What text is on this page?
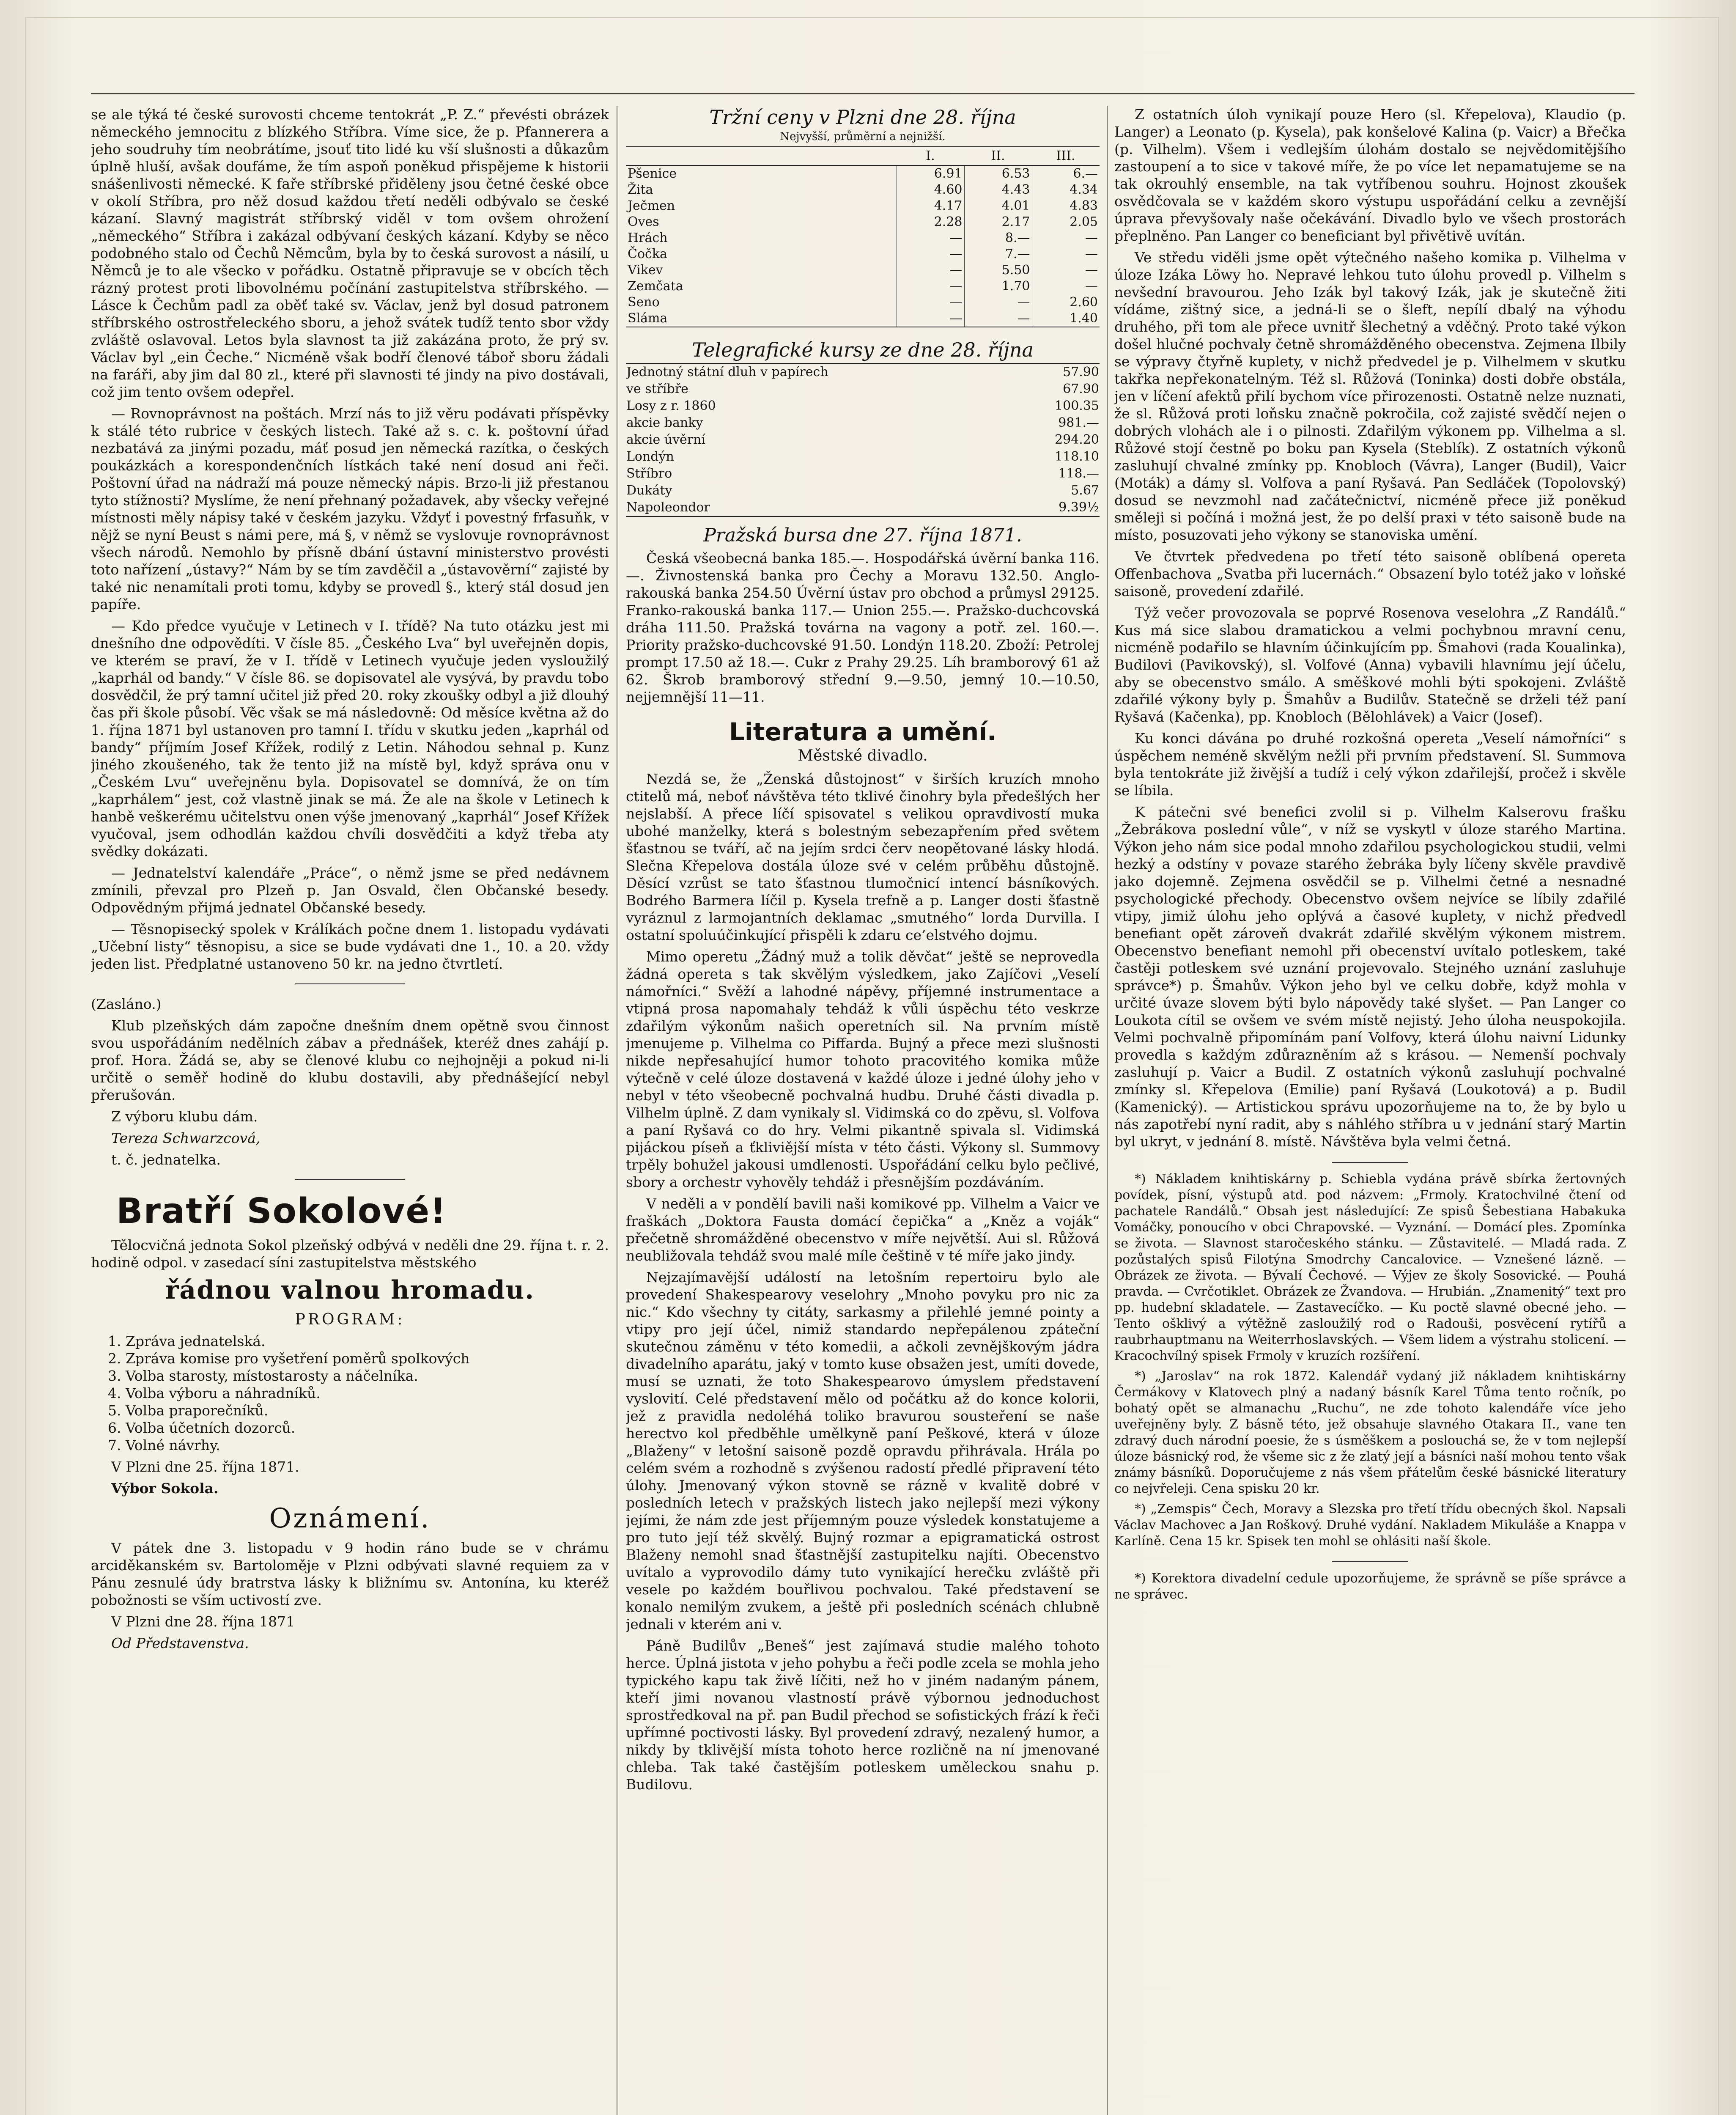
se ale týká té české surovosti chceme tentokrát „P. Z.“ převésti obrázek německého jemnocitu z blízkého Stříbra. Víme sice, že p. Pfannerera a jeho soudruhy tím neobrátíme, jsouť tito lidé ku vší slušnosti a důkazům úplně hluší, avšak doufáme, že tím aspoň poněkud přispějeme k historii snášenlivosti německé. K faře stříbrské přiděleny jsou četné české obce v okolí Stříbra, pro něž dosud každou třetí neděli odbývalo se české kázaní. Slavný magistrát stříbrský viděl v tom ovšem ohrožení „německého“ Stříbra i zakázal odbývaní českých kázaní. Kdyby se něco podobného stalo od Čechů Němcům, byla by to česká surovost a násilí, u Němců je to ale všecko v pořádku. Ostatně připravuje se v obcích těch rázný protest proti libovolnému počínání zastupitelstva stříbrského. — Lásce k Čechům padl za oběť také sv. Václav, jenž byl dosud patronem stříbrského ostrostřeleckého sboru, a jehož svátek tudíž tento sbor vždy zvláště oslavoval. Letos byla slavnost ta již zakázána proto, že prý sv. Václav byl „ein Čeche.“ Nicméně však bodří členové táboř sboru žádali na faráři, aby jim dal 80 zl., které při slavnosti té jindy na pivo dostávali, což jim tento ovšem odepřel.

— Rovnoprávnost na poštách. Mrzí nás to již věru podávati příspěvky k stálé této rubrice v českých listech. Také až s. c. k. poštovní úřad nezbatává za jinými pozadu, máť posud jen německá razítka, o českých poukázkách a korespondenčních lístkách také není dosud ani řeči. Poštovní úřad na nádraží má pouze německý nápis. Brzo-li již přestanou tyto stížnosti? Myslíme, že není přehnaný požadavek, aby všecky veřejné místnosti měly nápisy také v českém jazyku. Vždyť i povestný frfasuňk, v nějž se nyní Beust s námi pere, má §, v němž se vyslovuje rovnoprávnost všech národů. Nemohlo by přísně dbání ústavní ministerstvo provésti toto nařízení „ústavy?“ Nám by se tím zavděčil a „ústavověrní“ zajisté by také nic nenamítali proti tomu, kdyby se provedl §., který stál dosud jen papíře.

— Kdo předce vyučuje v Letinech v I. třídě? Na tuto otázku jest mi dnešního dne odpovědíti. V čísle 85. „Českého Lva“ byl uveřejněn dopis, ve kterém se praví, že v I. třídě v Letinech vyučuje jeden vysloužilý „kaprhál od bandy.“ V čísle 86. se dopisovatel ale vysývá, by pravdu tobo dosvědčil, že prý tamní učitel již před 20. roky zkoušky odbyl a již dlouhý čas při škole působí. Věc však se má následovně: Od měsíce května až do 1. října 1871 byl ustanoven pro tamní I. třídu v skutku jeden „kaprhál od bandy“ příjmím Josef Křížek, rodilý z Letin. Náhodou sehnal p. Kunz jiného zkoušeného, tak že tento již na místě byl, když správa onu v „Českém Lvu“ uveřejněnu byla. Dopisovatel se domnívá, že on tím „kaprhálem“ jest, což vlastně jinak se má. Že ale na škole v Letinech k hanbě veškerému učitelstvu onen výše jmenovaný „kaprhál“ Josef Křížek vyučoval, jsem odhodlán každou chvíli dosvědčiti a když třeba aty svědky dokázati.

— Jednatelství kalendáře „Práce“, o němž jsme se před nedávnem zmínili, převzal pro Plzeň p. Jan Osvald, člen Občanské besedy. Odpovědným přijmá jednatel Občanské besedy.

— Těsnopisecký spolek v Králíkách počne dnem 1. listopadu vydávati „Učební listy“ těsnopisu, a sice se bude vydávati dne 1., 10. a 20. vždy jeden list. Předplatné ustanoveno 50 kr. na jedno čtvrtletí.

(Zasláno.)

Klub plzeňských dám započne dnešním dnem opětně svou činnost svou uspořádáním nedělních zábav a přednášek, kteréž dnes zahájí p. prof. Hora. Žádá se, aby se členové klubu co nejhojněji a pokud ni-li určitě o seměř hodině do klubu dostavili, aby přednášející nebyl přerušován.

Z výboru klubu dám.

Tereza Schwarzcová,

t. č. jednatelka.

Bratří Sokolové!

Tělocvičná jednota Sokol plzeňský odbývá v neděli dne 29. října t. r. 2. hodině odpol. v zasedací síni zastupitelstva městského

řádnou valnou hromadu.
PROGRAM:
1. Zpráva jednatelská.
2. Zpráva komise pro vyšetření poměrů spolkových
3. Volba starosty, místostarosty a náčelníka.
4. Volba výboru a náhradníků.
5. Volba praporečníků.
6. Volba účetních dozorců.
7. Volné návrhy.

V Plzni dne 25. října 1871.

Výbor Sokola.

Oznámení.

V pátek dne 3. listopadu v 9 hodin ráno bude se v chrámu arciděkanském sv. Bartoloměje v Plzni odbývati slavné requiem za v Pánu zesnulé údy bratrstva lásky k bližnímu sv. Antonína, ku kteréž pobožnosti se vším uctivostí zve.

V Plzni dne 28. října 1871

Od Představenstva.

Tržní ceny v Plzni dne 28. října
Nejvyšší, průměrní a nejnižší.
	I.	II.	III.
Pšenice	6.91	6.53	6.—
Žita	4.60	4.43	4.34
Ječmen	4.17	4.01	4.83
Oves	2.28	2.17	2.05
Hrách	—	8.—	—
Čočka	—	7.—	—
Vikev	—	5.50	—
Zemčata	—	1.70	—
Seno	—	—	2.60
Sláma	—	—	1.40
Telegrafické kursy ze dne 28. října
Jednotný státní dluh v papírech	57.90
ve stříbře	67.90
Losy z r. 1860	100.35
akcie banky	981.—
akcie úvěrní	294.20
Londýn	118.10
Stříbro	118.—
Dukáty	5.67
Napoleondor	9.39½
Pražská bursa dne 27. října 1871.

Česká všeobecná banka 185.—. Hospodářská úvěrní banka 116.—. Živnostenská banka pro Čechy a Moravu 132.50. Anglo-rakouská banka 254.50 Úvěrní ústav pro obchod a průmysl 29125. Franko-rakouská banka 117.— Union 255.—. Pražsko-duchcovská dráha 111.50. Pražská továrna na vagony a potř. zel. 160.—. Priority pražsko-duchcovské 91.50. Londýn 118.20. Zboží: Petrolej prompt 17.50 až 18.—. Cukr z Prahy 29.25. Líh bramborový 61 až 62. Škrob bramborový střední 9.—9.50, jemný 10.—10.50, nejjemnější 11—11.

Literatura a umění.
Městské divadlo.

Nezdá se, že „Ženská důstojnost“ v širších kruzích mnoho ctitelů má, neboť návštěva této tklivé činohry byla předešlých her nejslabší. A přece líčí spisovatel s velikou opravdivostí muka ubohé manželky, která s bolestným sebezapřením před světem šťastnou se tváří, ač na jejím srdci červ neopětované lásky hlodá. Slečna Křepelova dostála úloze své v celém průběhu důstojně. Děsící vzrůst se tato šťastnou tlumočnicí intencí básníkových. Bodrého Barmera líčil p. Kysela trefně a p. Langer dosti šťastně vyráznul z larmojantních deklamac „smutného“ lorda Durvilla. I ostatní spoluúčinkující přispěli k zdaru ce’elstvého dojmu.

Mimo operetu „Žádný muž a tolik děvčat“ ještě se neprovedla žádná opereta s tak skvělým výsledkem, jako Zajíčovi „Veselí námořníci.“ Svěží a lahodné nápěvy, příjemné instrumentace a vtipná prosa napomahaly tehdáž k vůli úspěchu této veskrze zdařilým výkonům našich operetních sil. Na prvním místě jmenujeme p. Vilhelma co Piffarda. Bujný a přece mezi slušnosti nikde nepřesahující humor tohoto pracovitého komika může výtečně v celé úloze dostavená v každé úloze i jedné úlohy jeho v nebyl v této všeobecně pochvalná hudbu. Druhé části divadla p. Vilhelm úplně. Z dam vynikaly sl. Vidimská co do zpěvu, sl. Volfova a paní Ryšavá co do hry. Velmi pikantně spivala sl. Vidimská pijáckou píseň a ťkliviější místa v této části. Výkony sl. Summovy trpěly bohužel jakousi umdlenosti. Uspořádání celku bylo pečlivé, sbory a orchestr vyhověly tehdáž i přesnějším pozdáváním.

V neděli a v pondělí bavili naši komikové pp. Vilhelm a Vaicr ve fraškách „Doktora Fausta domácí čepička“ a „Kněz a voják“ přečetně shromážděné obecenstvo v míře největší. Aui sl. Růžová neubližovala tehdáž svou malé míle češtině v té míře jako jindy.

Nejzajímavější událostí na letošním repertoiru bylo ale provedení Shakespearovy veselohry „Mnoho povyku pro nic za nic.“ Kdo všechny ty citáty, sarkasmy a přilehlé jemné pointy a vtipy pro její účel, nimiž standardo nepřepálenou zpáteční skutečnou záměnu v této komedii, a ačkoli zevnějškovým jádra divadelního aparátu, jaký v tomto kuse obsažen jest, umíti dovede, musí se uznati, že toto Shakespearovo úmyslem představení vyslovití. Celé představení mělo od počátku až do konce kolorii, jež z pravidla nedoléhá toliko bravurou sousteření se naše herectvo kol předběhle umělkyně paní Peškové, která v úloze „Blaženy“ v letošní saisoně pozdě opravdu přihrávala. Hrála po celém svém a rozhodně s zvýšenou radostí předlé připravení této úlohy. Jmenovaný výkon stovně se rázně v kvalitě dobré v posledních letech v pražských listech jako nejlepší mezi výkony jejími, že nám zde jest příjemným pouze výsledek konstatujeme a pro tuto její též skvělý. Bujný rozmar a epigramatická ostrost Blaženy nemohl snad šťastnější zastupitelku najíti. Obecenstvo uvítalo a vyprovodilo dámy tuto vynikající herečku zvláště při vesele po každém bouřlivou pochvalou. Také představení se konalo nemilým zvukem, a ještě při posledních scénách chlubně jednali v kterém ani v.

Páně Budilův „Beneš“ jest zajímavá studie malého tohoto herce. Úplná jistota v jeho pohybu a řeči podle zcela se mohla jeho typického kapu tak živě líčiti, než ho v jiném nadaným pánem, kteří jimi novanou vlastností právě výbornou jednoduchost sprostředkoval na př. pan Budil přechod se sofistických frází k řeči upřímné poctivosti lásky. Byl provedení zdravý, nezalený humor, a nikdy by tklivější místa tohoto herce rozličně na ní jmenované chleba. Tak také častějším potleskem uměleckou snahu p. Budilovu.

Z ostatních úloh vynikají pouze Hero (sl. Křepelova), Klaudio (p. Langer) a Leonato (p. Kysela), pak konšelové Kalina (p. Vaicr) a Břečka (p. Vilhelm). Všem i vedlejším úlohám dostalo se nejvědomitějšího zastoupení a to sice v takové míře, že po více let nepamatujeme se na tak okrouhlý ensemble, na tak vytříbenou souhru. Hojnost zkoušek osvědčovala se v každém skoro výstupu uspořádání celku a zevnější úprava převyšovaly naše očekávání. Divadlo bylo ve všech prostorách přeplněno. Pan Langer co beneficiant byl přivětivě uvítán.

Ve středu viděli jsme opět výtečného našeho komika p. Vilhelma v úloze Izáka Löwy ho. Nepravé lehkou tuto úlohu provedl p. Vilhelm s nevšední bravourou. Jeho Izák byl takový Izák, jak je skutečně žiti vídáme, zištný sice, a jedná-li se o šleft, nepílí dbalý na výhodu druhého, při tom ale přece uvnitř šlechetný a vděčný. Proto také výkon došel hlučné pochvaly četně shromážděného obecenstva. Zejmena Ilbily se výpravy čtyřně kuplety, v nichž předvedel je p. Vilhelmem v skutku takřka nepřekonatelným. Též sl. Růžová (Toninka) dosti dobře obstála, jen v líčení afektů přilí bychom více přirozenosti. Ostatně nelze nuznati, že sl. Růžová proti loňsku značně pokročila, což zajisté svědčí nejen o dobrých vlohách ale i o pilnosti. Zdařilým výkonem pp. Vilhelma a sl. Růžové stojí čestně po boku pan Kysela (Steblík). Z ostatních výkonů zasluhují chvalné zmínky pp. Knobloch (Vávra), Langer (Budil), Vaicr (Moták) a dámy sl. Volfova a paní Ryšavá. Pan Sedláček (Topolovský) dosud se nevzmohl nad začátečnictví, nicméně přece již poněkud směleji si počíná i možná jest, že po delší praxi v této saisoně bude na místo, posuzovati jeho výkony se stanoviska umění.

Ve čtvrtek předvedena po třetí této saisoně oblíbená opereta Offenbachova „Svatba při lucernách.“ Obsazení bylo totéž jako v loňské saisoně, provedení zdařilé.

Týž večer provozovala se poprvé Rosenova veselohra „Z Randálů.“ Kus má sice slabou dramatickou a velmi pochybnou mravní cenu, nicméně podařilo se hlavním účinkujícím pp. Šmahovi (rada Koualinka), Budilovi (Pavikovský), sl. Volfové (Anna) vybavili hlavnímu její účelu, aby se obecenstvo smálo. A směškové mohli býti spokojeni. Zvláště zdařilé výkony byly p. Šmahův a Budilův. Statečně se drželi též paní Ryšavá (Kačenka), pp. Knobloch (Bělohlávek) a Vaicr (Josef).

Ku konci dávána po druhé rozkošná opereta „Veselí námořníci“ s úspěchem neméně skvělým nežli při prvním představení. Sl. Summova byla tentokráte již živější a tudíž i celý výkon zdařilejší, pročež i skvěle se líbila.

K pátečni své benefici zvolil si p. Vilhelm Kalserovu frašku „Žebrákova poslední vůle“, v níž se vyskytl v úloze starého Martina. Výkon jeho nám sice podal mnoho zdařilou psychologickou studii, velmi hezký a odstíny v povaze starého žebráka byly líčeny skvěle pravdivě jako dojemně. Zejmena osvědčil se p. Vilhelmi četné a nesnadné psychologické přechody. Obecenstvo ovšem nejvíce se líbily zdařilé vtipy, jimiž úlohu jeho oplývá a časové kuplety, v nichž předvedl benefiant opět zároveň dvakrát zdařilé skvělým výkonem mistrem. Obecenstvo benefiant nemohl při obecenství uvítalo potleskem, také častěji potleskem své uznání projevovalo. Stejného uznání zasluhuje správce*) p. Šmahův. Výkon jeho byl ve celku dobře, když mohla v určité úvaze slovem býti bylo nápovědy také slyšet. — Pan Langer co Loukota cítil se ovšem ve svém místě nejistý. Jeho úloha neuspokojila. Velmi pochvalně připomínám paní Volfovy, která úlohu naivní Lidunky provedla s každým zdůrazněním až s krásou. — Nemenší pochvaly zasluhují p. Vaicr a Budil. Z ostatních výkonů zasluhují pochvalné zmínky sl. Křepelova (Emilie) paní Ryšavá (Loukotová) a p. Budil (Kamenický). — Artistickou správu upozorňujeme na to, že by bylo u nás zapotřebí nyní radit, aby s náhlého stříbra u v jednání starý Martin byl ukryt, v jednání 8. místě. Návštěva byla velmi četná.

*) Nákladem knihtiskárny p. Schiebla vydána právě sbírka žertovných povídek, písní, výstupů atd. pod názvem: „Frmoly. Kratochvilné čtení od pachatele Randálů.“ Obsah jest následující: Ze spisů Šebestiana Habakuka Vomáčky, ponoucího v obci Chrapovské. — Vyznání. — Domácí ples. Zpomínka se života. — Slavnost staročeského stánku. — Zůstavitelé. — Mladá rada. Z pozůstalých spisů Filotýna Smodrchy Cancalovice. — Vznešené lázně. — Obrázek ze života. — Bývalí Čechové. — Výjev ze školy Sosovické. — Pouhá pravda. — Cvrčotiklet. Obrázek ze Žvandova. — Hrubián. „Znamenitý“ text pro pp. hudební skladatele. — Zastavecíčko. — Ku poctě slavné obecné jeho. — Tento ošklivý a výtěžně zasloužilý rod o Radouši, posvěcení rytířů a raubrhauptmanu na Weiterrhoslavských. — Všem lidem a výstrahu stolicení. — Kracochvílný spisek Frmoly v kruzích rozšíření.

*) „Jaroslav“ na rok 1872. Kalendář vydaný již nákladem knihtiskárny Čermákovy v Klatovech plný a nadaný básník Karel Tůma tento ročník, po bohatý opět se almanachu „Ruchu“, ne zde tohoto kalendáře více jeho uveřejněny byly. Z básně této, jež obsahuje slavného Otakara II., vane ten zdravý duch národní poesie, že s úsměškem a poslouchá se, že v tom nejlepší úloze básnický rod, že všeme sic z že zlatý její a básníci naší mohou tento však známy básníků. Doporučujeme z nás všem přátelům české básnické literatury co nejvřeleji. Cena spisku 20 kr.

*) „Zemspis“ Čech, Moravy a Slezska pro třetí třídu obecných škol. Napsali Václav Machovec a Jan Roškový. Druhé vydání. Nakladem Mikuláše a Knappa v Karlíně. Cena 15 kr. Spisek ten mohl se ohlásiti naší škole.

*) Korektora divadelní cedule upozorňujeme, že správně se píše správce a ne správec.
